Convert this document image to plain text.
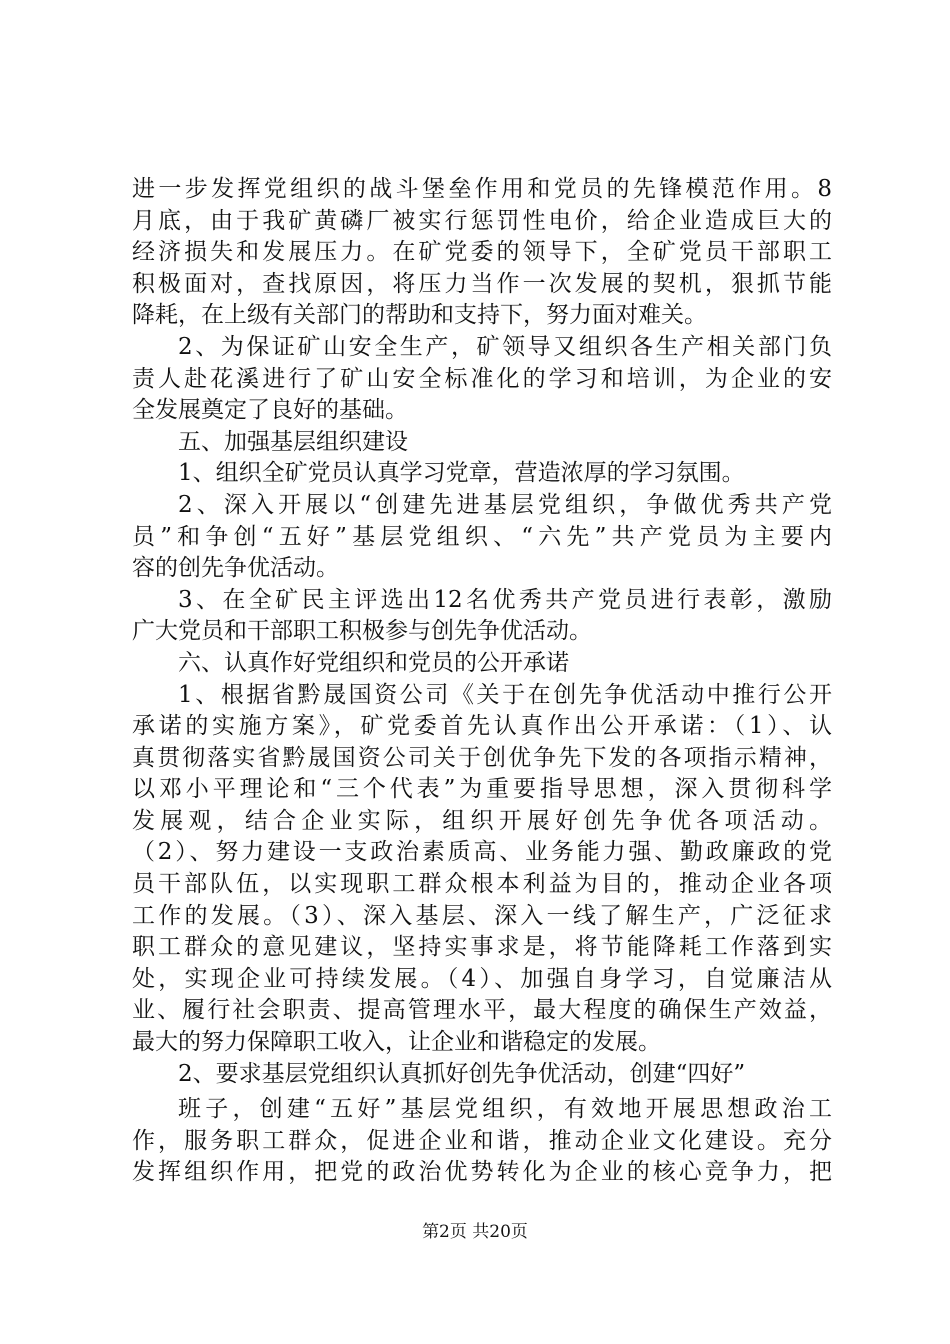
进一步发挥党组织的战斗堡垒作用和党员的先锋模范作用。8
月底，由于我矿黄磷厂被实行惩罚性电价，给企业造成巨大的
经济损失和发展压力。在矿党委的领导下，全矿党员干部职工
积极面对，查找原因，将压力当作一次发展的契机，狠抓节能
降耗，在上级有关部门的帮助和支持下，努力面对难关。
2、为保证矿山安全生产，矿领导又组织各生产相关部门负
责人赴花溪进行了矿山安全标准化的学习和培训，为企业的安
全发展奠定了良好的基础。
五、加强基层组织建设
1、组织全矿党员认真学习党章，营造浓厚的学习氛围。
2、深入开展以“创建先进基层党组织，争做优秀共产党
员”和争创“五好”基层党组织、“六先”共产党员为主要内
容的创先争优活动。
3、在全矿民主评选出12名优秀共产党员进行表彰，激励
广大党员和干部职工积极参与创先争优活动。
六、认真作好党组织和党员的公开承诺
1、根据省黔晟国资公司《关于在创先争优活动中推行公开
承诺的实施方案》，矿党委首先认真作出公开承诺：（1）、认
真贯彻落实省黔晟国资公司关于创优争先下发的各项指示精神，
以邓小平理论和“三个代表”为重要指导思想，深入贯彻科学
发展观，结合企业实际，组织开展好创先争优各项活动。
（2）、努力建设一支政治素质高、业务能力强、勤政廉政的党
员干部队伍，以实现职工群众根本利益为目的，推动企业各项
工作的发展。（3）、深入基层、深入一线了解生产，广泛征求
职工群众的意见建议，坚持实事求是，将节能降耗工作落到实
处，实现企业可持续发展。（4）、加强自身学习，自觉廉洁从
业、履行社会职责、提高管理水平，最大程度的确保生产效益，
最大的努力保障职工收入，让企业和谐稳定的发展。
2、要求基层党组织认真抓好创先争优活动，创建“四好”
班子，创建“五好”基层党组织，有效地开展思想政治工
作，服务职工群众，促进企业和谐，推动企业文化建设。充分
发挥组织作用，把党的政治优势转化为企业的核心竞争力，把
第2页 共20页
